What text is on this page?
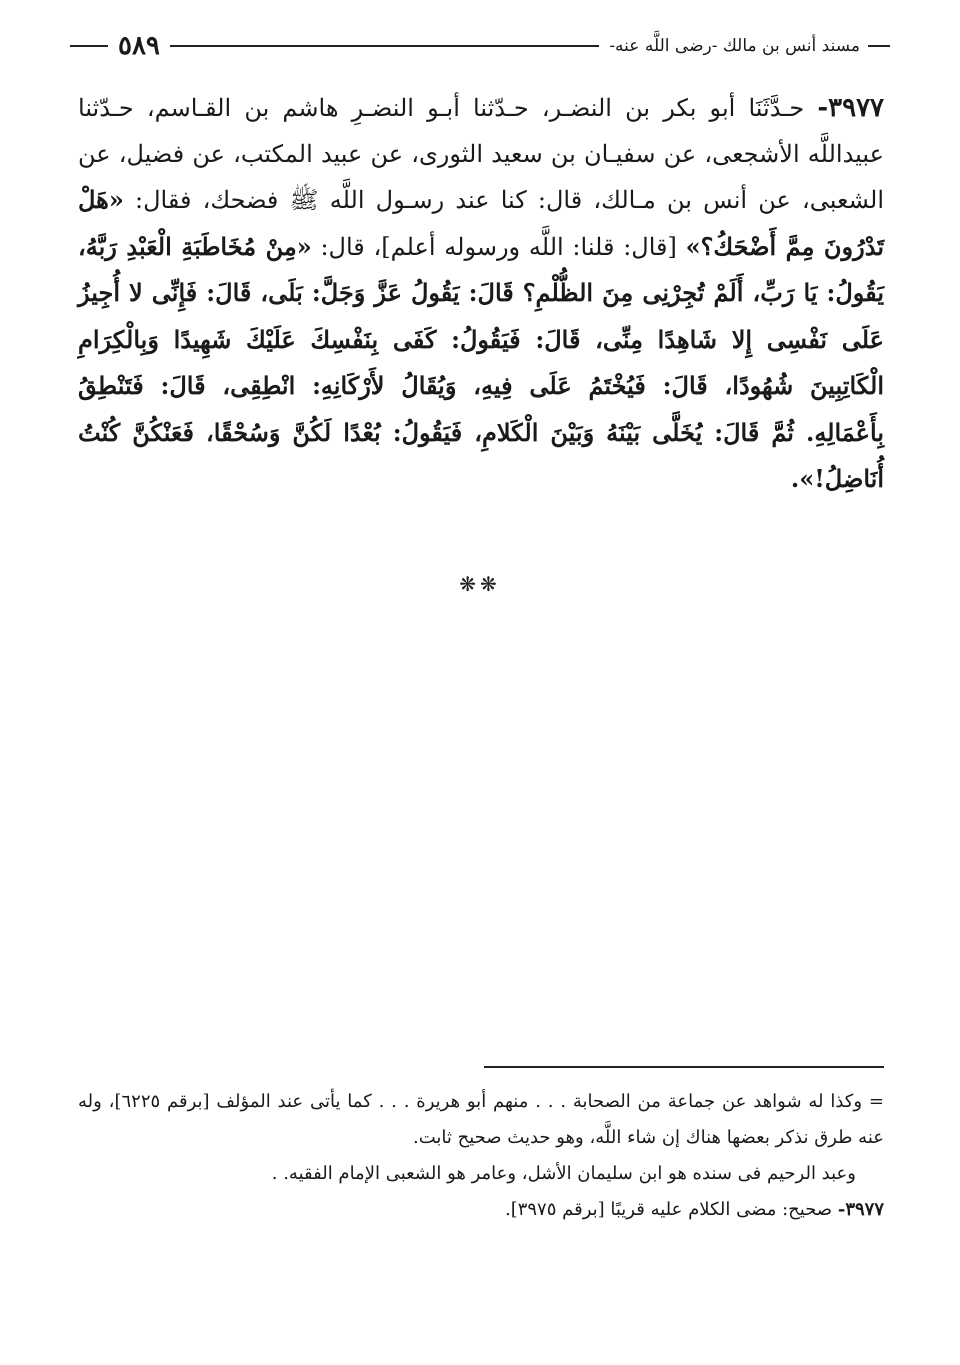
مسند أنس بن مالك -رضى اللَّه عنه-
٥٨٩
٣٩٧٧- حـدَّثَنَا أبو بكر بن النضـر، حـدّثنا أبـو النضـرِ هاشم بن القـاسم، حـدّثنا عبيداللَّه الأشجعى، عن سفيـان بن سعيد الثورى، عن عبيد المكتب، عن فضيل، عن الشعبى، عن أنس بن مـالك، قال: كنا عند رسـول اللَّه ﷺ فضحك، فقال: «هَلْ تَدْرُونَ مِمَّ أَضْحَكُ؟» [قال: قلنا: اللَّه ورسوله أعلم]، قال: «مِنْ مُخَاطَبَةِ الْعَبْدِ رَبَّهُ، يَقُولُ: يَا رَبِّ، أَلَمْ تُجِرْنِى مِنَ الظُّلْمِ؟ قَالَ: يَقُولُ عَزَّ وَجَلَّ: بَلَى، قَالَ: فَإِنِّى لا أُجِيزُ عَلَى نَفْسِى إِلا شَاهِدًا مِنِّى، قَالَ: فَيَقُولُ: كَفَى بِنَفْسِكَ عَلَيْكَ شَهِيدًا وَبِالْكِرَامِ الْكَاتِبِينَ شُهُودًا، قَالَ: فَيُخْتَمُ عَلَى فِيهِ، وَيُقَالُ لأَرْكَانِهِ: انْطِقِى، قَالَ: فَتَنْطِقُ بِأَعْمَالِهِ. ثُمَّ قَالَ: يُخَلَّى بَيْنَهُ وَبَيْنَ الْكَلامِ، فَيَقُولُ: بُعْدًا لَكُنَّ وَسُحْقًا، فَعَنْكُنَّ كُنْتُ أُنَاضِلُ!».
❋❋

= وكذا له شواهد عن جماعة من الصحابة . . . منهم أبو هريرة . . . كما يأتى عند المؤلف [برقم ٦٢٢٥]، وله عنه طرق نذكر بعضها هناك إن شاء اللَّه، وهو حديث صحيح ثابت.

وعبد الرحيم فى سنده هو ابن سليمان الأشل، وعامر هو الشعبى الإمام الفقيه. .

٣٩٧٧- صحيح: مضى الكلام عليه قريبًا [برقم ٣٩٧٥].
